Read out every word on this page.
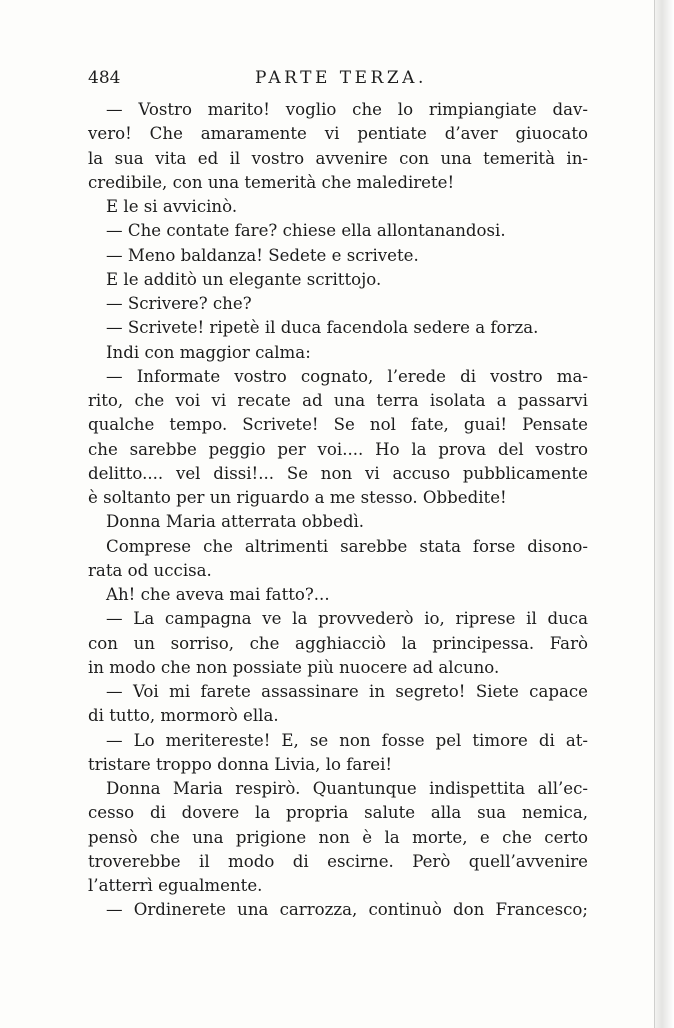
484	PARTE TERZA.
— Vostro marito! voglio che lo rimpiangiate dav-
vero! Che amaramente vi pentiate d’aver giuocato
la sua vita ed il vostro avvenire con una temerità in-
credibile, con una temerità che maledirete!
E le si avvicinò.
— Che contate fare? chiese ella allontanandosi.
— Meno baldanza! Sedete e scrivete.
E le additò un elegante scrittojo.
— Scrivere? che?
— Scrivete! ripetè il duca facendola sedere a forza.
Indi con maggior calma:
— Informate vostro cognato, l’erede di vostro ma-
rito, che voi vi recate ad una terra isolata a passarvi
qualche tempo. Scrivete! Se nol fate, guai! Pensate
che sarebbe peggio per voi.... Ho la prova del vostro
delitto.... vel dissi!... Se non vi accuso pubblicamente
è soltanto per un riguardo a me stesso. Obbedite!
Donna Maria atterrata obbedì.
Comprese che altrimenti sarebbe stata forse disono-
rata od uccisa.
Ah! che aveva mai fatto?...
— La campagna ve la provvederò io, riprese il duca
con un sorriso, che agghiacciò la principessa. Farò
in modo che non possiate più nuocere ad alcuno.
— Voi mi farete assassinare in segreto! Siete capace
di tutto, mormorò ella.
— Lo meritereste! E, se non fosse pel timore di at-
tristare troppo donna Livia, lo farei!
Donna Maria respirò. Quantunque indispettita all’ec-
cesso di dovere la propria salute alla sua nemica,
pensò che una prigione non è la morte, e che certo
troverebbe il modo di escirne. Però quell’avvenire
l’atterrì egualmente.
— Ordinerete una carrozza, continuò don Francesco;
